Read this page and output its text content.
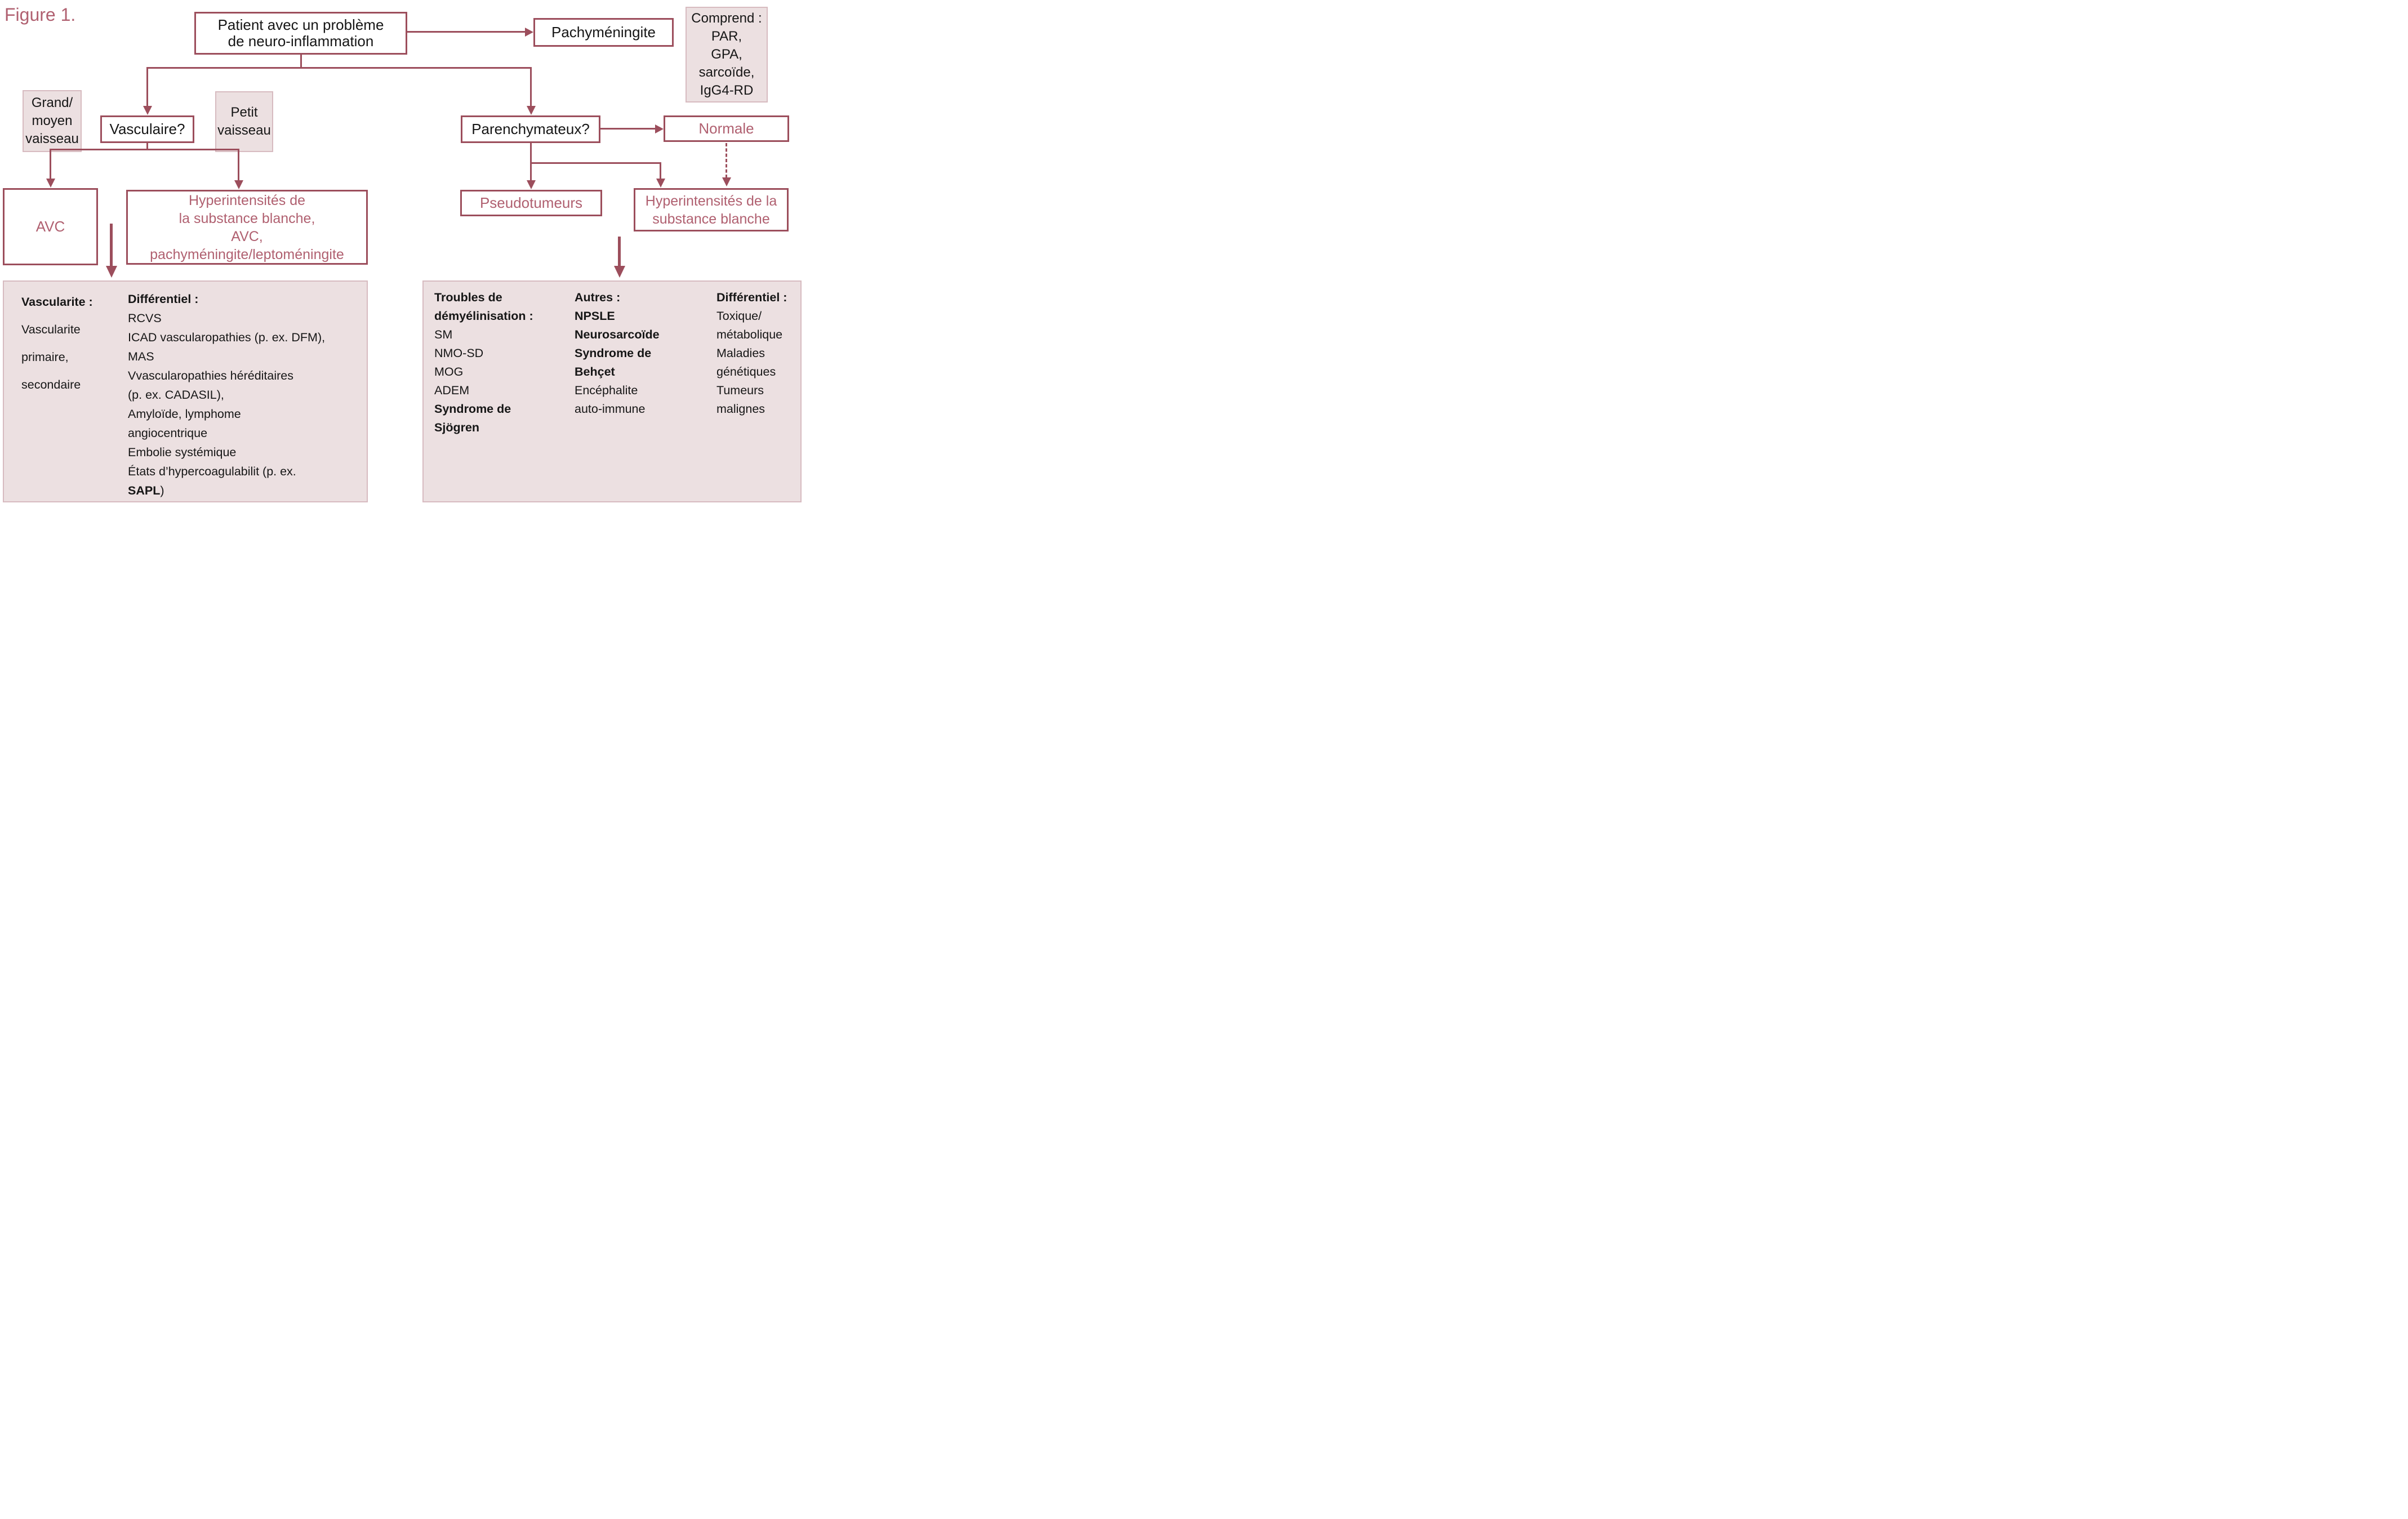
Figure 1.	Patient avec un problème
de neuro-inflammation
Pachyméningite
Comprend :
PAR,
GPA,
sarcoïde,
IgG4-RD
Grand/
moyen
vaisseau
Vasculaire?
Petit
vaisseau	Parenchymateux?	Normale
AVC
Hyperintensités de
la substance blanche,
AVC,
pachyméningite/leptoméningite
Pseudotumeurs	Hyperintensités de la
substance blanche
Vascularite :
Vascularite
primaire,
secondaire
Différentiel :
RCVS
ICAD vascularopathies (p. ex. DFM),
MAS
Vvascularopathies héréditaires
(p. ex. CADASIL),
Amyloïde, lymphome
angiocentrique
Embolie systémique
États d’hypercoagulabilit (p. ex.
SAPL)
Troubles de
démyélinisation :
SM
NMO-SD
MOG
ADEM
Syndrome de
Sjögren
Autres :
NPSLE
Neurosarcoïde
Syndrome de
Behçet
Encéphalite
auto-immune
Différentiel :
Toxique/
métabolique
Maladies
génétiques
Tumeurs
malignes
